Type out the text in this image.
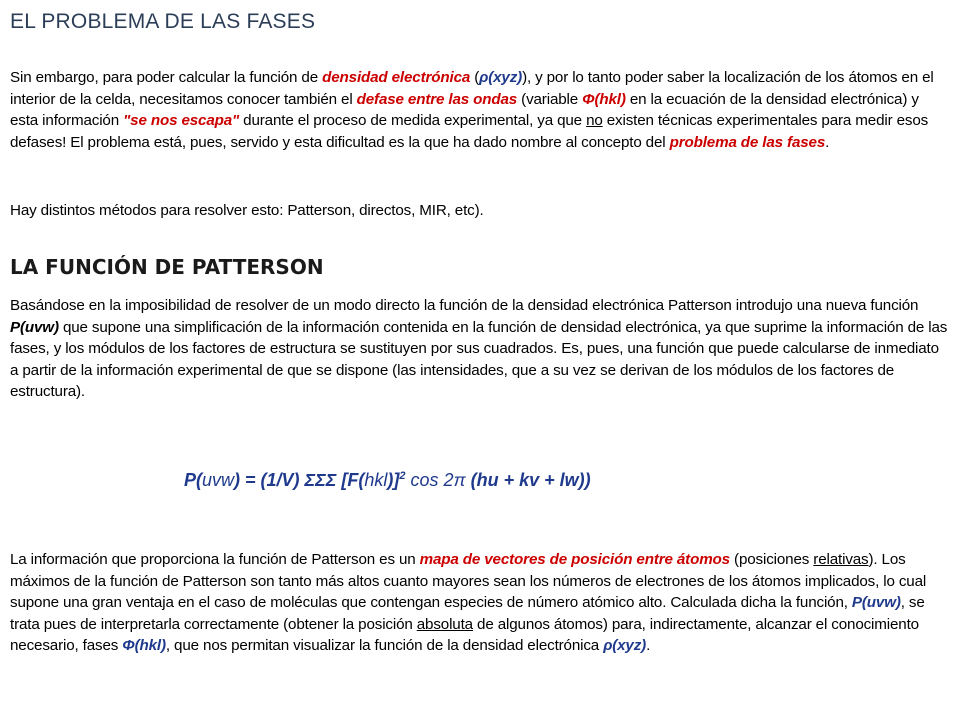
EL PROBLEMA DE LAS FASES
Sin embargo, para poder calcular la función de densidad electrónica (ρ(xyz)), y por lo tanto poder saber la localización de los átomos en el interior de la celda, necesitamos conocer también el defase entre las ondas (variable Φ(hkl) en la ecuación de la densidad electrónica) y esta información "se nos escapa" durante el proceso de medida experimental, ya que no existen técnicas experimentales para medir esos defases! El problema está, pues, servido y esta dificultad es la que ha dado nombre al concepto del problema de las fases.
Hay distintos métodos para resolver esto: Patterson, directos, MIR, etc).
LA FUNCIÓN DE PATTERSON
Basándose en la imposibilidad de resolver de un modo directo la función de la densidad electrónica Patterson introdujo una nueva función P(uvw) que supone una simplificación de la información contenida en la función de densidad electrónica, ya que suprime la información de las fases, y los módulos de los factores de estructura se sustituyen por sus cuadrados. Es, pues, una función que puede calcularse de inmediato a partir de la información experimental de que se dispone (las intensidades, que a su vez se derivan de los módulos de los factores de estructura).
P(uvw) = (1/V) ΣΣΣ $[F(hkl)]^2$ cos 2π (hu + kv + lw))
La información que proporciona la función de Patterson es un mapa de vectores de posición entre átomos (posiciones relativas). Los máximos de la función de Patterson son tanto más altos cuanto mayores sean los números de electrones de los átomos implicados, lo cual supone una gran ventaja en el caso de moléculas que contengan especies de número atómico alto. Calculada dicha la función, P(uvw), se trata pues de interpretarla correctamente (obtener la posición absoluta de algunos átomos) para, indirectamente, alcanzar el conocimiento necesario, fases Φ(hkl), que nos permitan visualizar la función de la densidad electrónica ρ(xyz).
